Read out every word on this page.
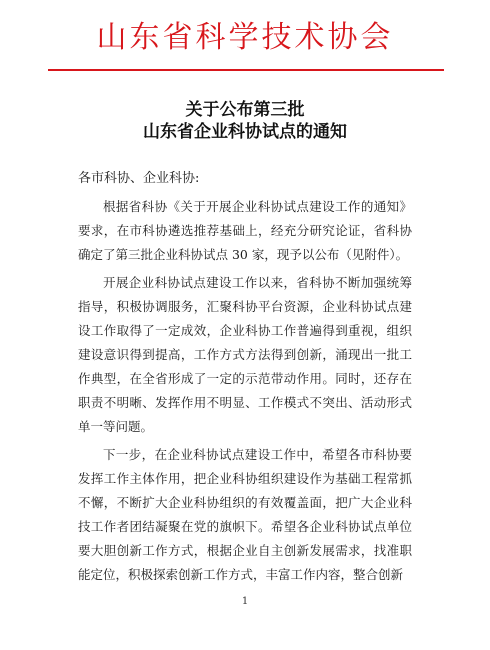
山东省科学技术协会
关于公布第三批
山东省企业科协试点的通知
各市科协、企业科协:

根据省科协《关于开展企业科协试点建设工作的通知》要求，在市科协遴选推荐基础上，经充分研究论证，省科协确定了第三批企业科协试点 30 家，现予以公布（见附件）。

开展企业科协试点建设工作以来，省科协不断加强统筹指导，积极协调服务，汇聚科协平台资源，企业科协试点建设工作取得了一定成效，企业科协工作普遍得到重视，组织建设意识得到提高，工作方式方法得到创新，涌现出一批工作典型，在全省形成了一定的示范带动作用。同时，还存在职责不明晰、发挥作用不明显、工作模式不突出、活动形式单一等问题。

下一步，在企业科协试点建设工作中，希望各市科协要发挥工作主体作用，把企业科协组织建设作为基础工程常抓不懈，不断扩大企业科协组织的有效覆盖面，把广大企业科技工作者团结凝聚在党的旗帜下。希望各企业科协试点单位要大胆创新工作方式，根据企业自主创新发展需求，找准职能定位，积极探索创新工作方式，丰富工作内容，整合创新

1
